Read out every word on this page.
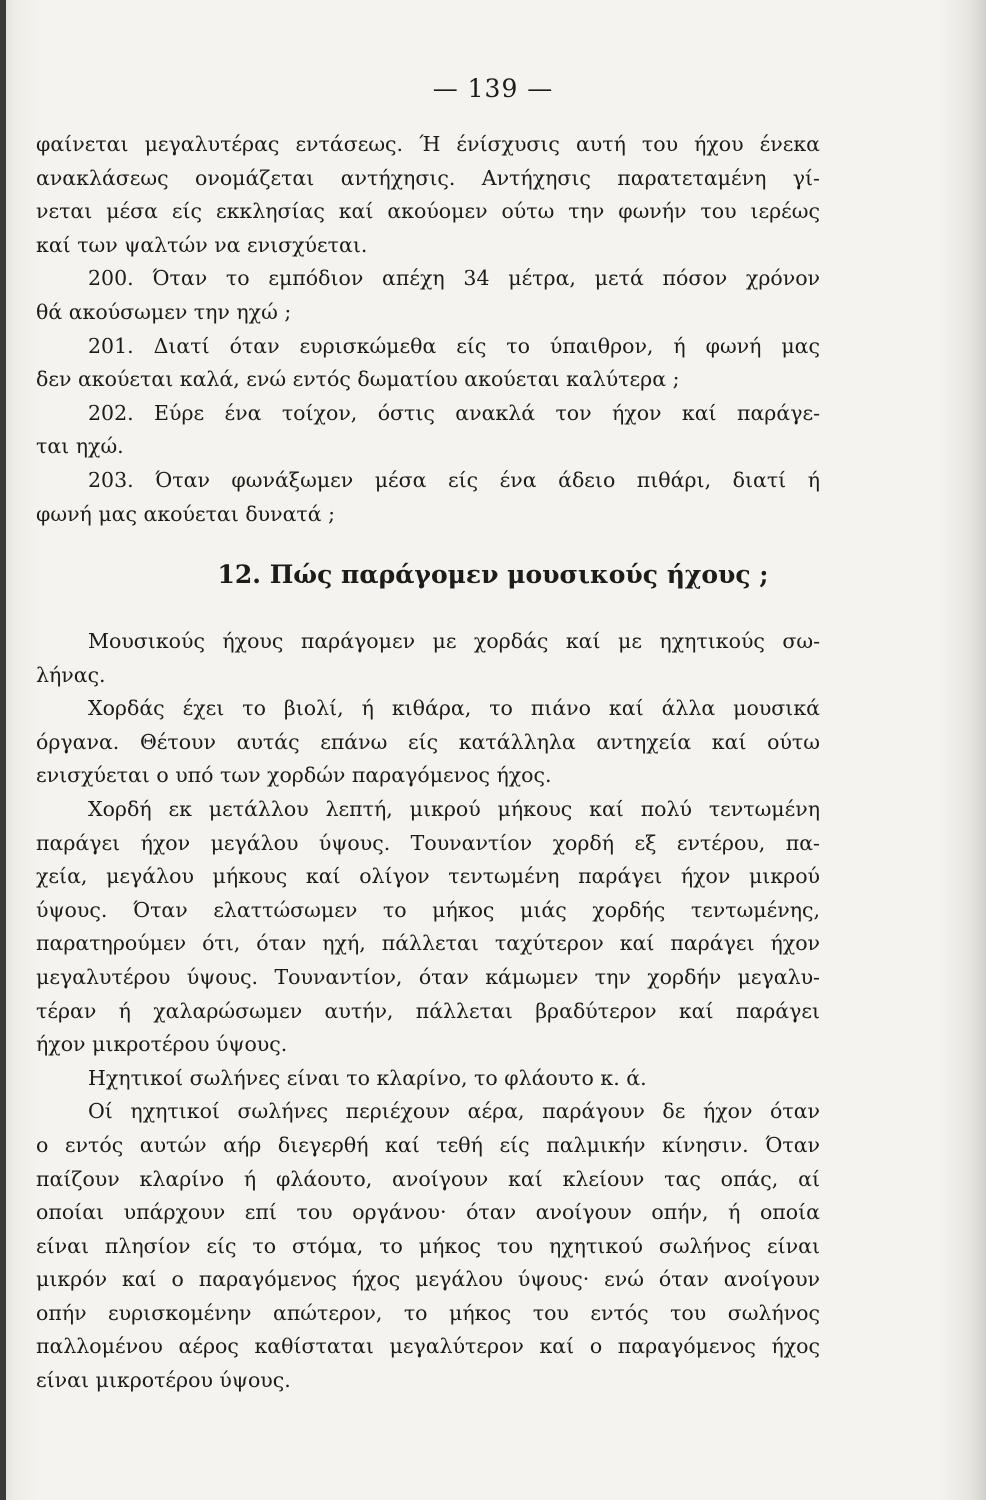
— 139 —
φαίνεται μεγαλυτέρας εντάσεως. Ή ένίσχυσις αυτή του ήχου ένεκα
ανακλάσεως ονομάζεται αντήχησις. Αντήχησις παρατεταμένη γί-
νεται μέσα είς εκκλησίας καί ακούομεν ούτω την φωνήν του ιερέως
καί των ψαλτών να ενισχύεται.
200. Όταν το εμπόδιον απέχη 34 μέτρα, μετά πόσον χρόνον
θά ακούσωμεν την ηχώ ;
201. Διατί όταν ευρισκώμεθα είς το ύπαιθρον, ή φωνή μας
δεν ακούεται καλά, ενώ εντός δωματίου ακούεται καλύτερα ;
202. Εύρε ένα τοίχον, όστις ανακλά τον ήχον καί παράγε-
ται ηχώ.
203. Όταν φωνάξωμεν μέσα είς ένα άδειο πιθάρι, διατί ή
φωνή μας ακούεται δυνατά ;
12. Πώς παράγομεν μουσικούς ήχους ;
Μουσικούς ήχους παράγομεν με χορδάς καί με ηχητικούς σω-
λήνας.
Χορδάς έχει το βιολί, ή κιθάρα, το πιάνο καί άλλα μουσικά
όργανα. Θέτουν αυτάς επάνω είς κατάλληλα αντηχεία καί ούτω
ενισχύεται ο υπό των χορδών παραγόμενος ήχος.
Χορδή εκ μετάλλου λεπτή, μικρού μήκους καί πολύ τεντωμένη
παράγει ήχον μεγάλου ύψους. Τουναντίον χορδή εξ εντέρου, πα-
χεία, μεγάλου μήκους καί ολίγον τεντωμένη παράγει ήχον μικρού
ύψους. Όταν ελαττώσωμεν το μήκος μιάς χορδής τεντωμένης,
παρατηρούμεν ότι, όταν ηχή, πάλλεται ταχύτερον καί παράγει ήχον
μεγαλυτέρου ύψους. Τουναντίον, όταν κάμωμεν την χορδήν μεγαλυ-
τέραν ή χαλαρώσωμεν αυτήν, πάλλεται βραδύτερον καί παράγει
ήχον μικροτέρου ύψους.
Ηχητικοί σωλήνες είναι το κλαρίνο, το φλάουτο κ. ά.
Οί ηχητικοί σωλήνες περιέχουν αέρα, παράγουν δε ήχον όταν
ο εντός αυτών αήρ διεγερθή καί τεθή είς παλμικήν κίνησιν. Όταν
παίζουν κλαρίνο ή φλάουτο, ανοίγουν καί κλείουν τας οπάς, αί
οποίαι υπάρχουν επί του οργάνου· όταν ανοίγουν οπήν, ή οποία
είναι πλησίον είς το στόμα, το μήκος του ηχητικού σωλήνος είναι
μικρόν καί ο παραγόμενος ήχος μεγάλου ύψους· ενώ όταν ανοίγουν
οπήν ευρισκομένην απώτερον, το μήκος του εντός του σωλήνος
παλλομένου αέρος καθίσταται μεγαλύτερον καί ο παραγόμενος ήχος
είναι μικροτέρου ύψους.
